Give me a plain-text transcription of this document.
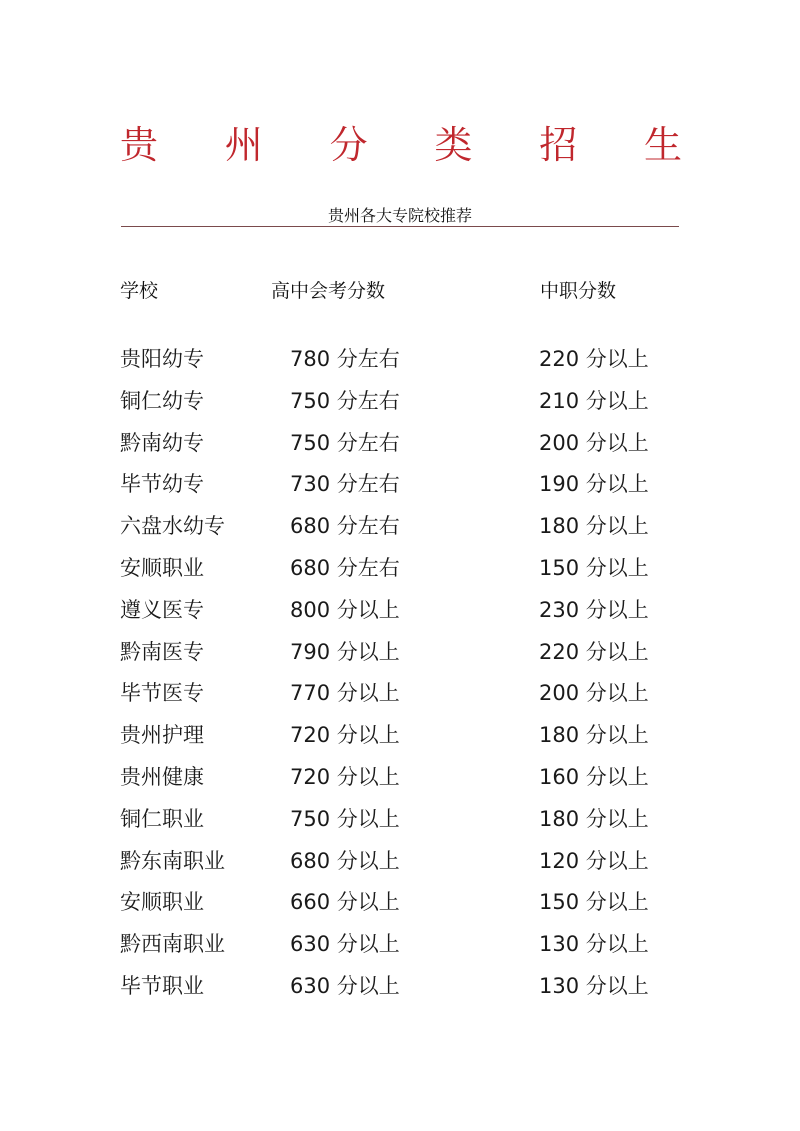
贵 州 分 类 招 生
贵州各大专院校推荐
学校	高中会考分数	中职分数
贵阳幼专	780 分左右	220 分以上
铜仁幼专	750 分左右	210 分以上
黔南幼专	750 分左右	200 分以上
毕节幼专	730 分左右	190 分以上
六盘水幼专	680 分左右	180 分以上
安顺职业	680 分左右	150 分以上
遵义医专	800 分以上	230 分以上
黔南医专	790 分以上	220 分以上
毕节医专	770 分以上	200 分以上
贵州护理	720 分以上	180 分以上
贵州健康	720 分以上	160 分以上
铜仁职业	750 分以上	180 分以上
黔东南职业	680 分以上	120 分以上
安顺职业	660 分以上	150 分以上
黔西南职业	630 分以上	130 分以上
毕节职业	630 分以上	130 分以上
